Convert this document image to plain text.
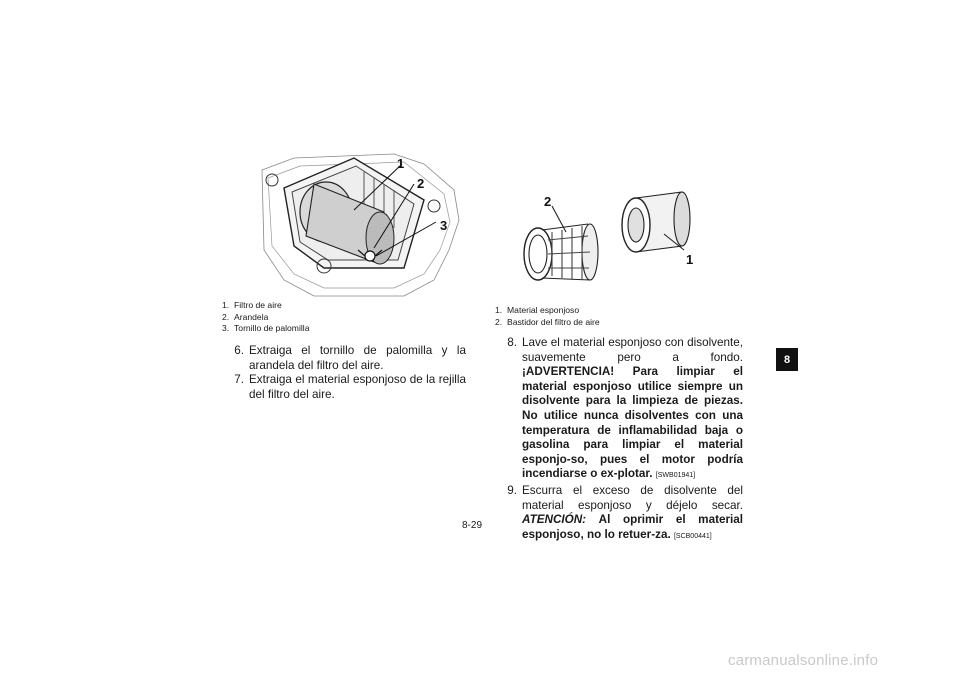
1
2
3
1. Filtro de aire
2. Arandela
3. Tornillo de palomilla
6. Extraiga el tornillo de palomilla y la arandela del filtro del aire.
7. Extraiga el material esponjoso de la rejilla del filtro del aire.
2
1
1. Material esponjoso
2. Bastidor del filtro de aire
8. Lave el material esponjoso con disolvente, suavemente pero a fondo. ¡ADVERTENCIA! Para limpiar el material esponjoso utilice siempre un disolvente para la limpieza de piezas. No utilice nunca disolventes con una temperatura de inflamabilidad baja o gasolina para limpiar el material esponjo-so, pues el motor podría incendiarse o ex-plotar. [SWB01941]
9. Escurra el exceso de disolvente del material esponjoso y déjelo secar. ATENCIÓN: Al oprimir el material esponjoso, no lo retuer-za. [SCB00441]
8
8-29
carmanualsonline.info
